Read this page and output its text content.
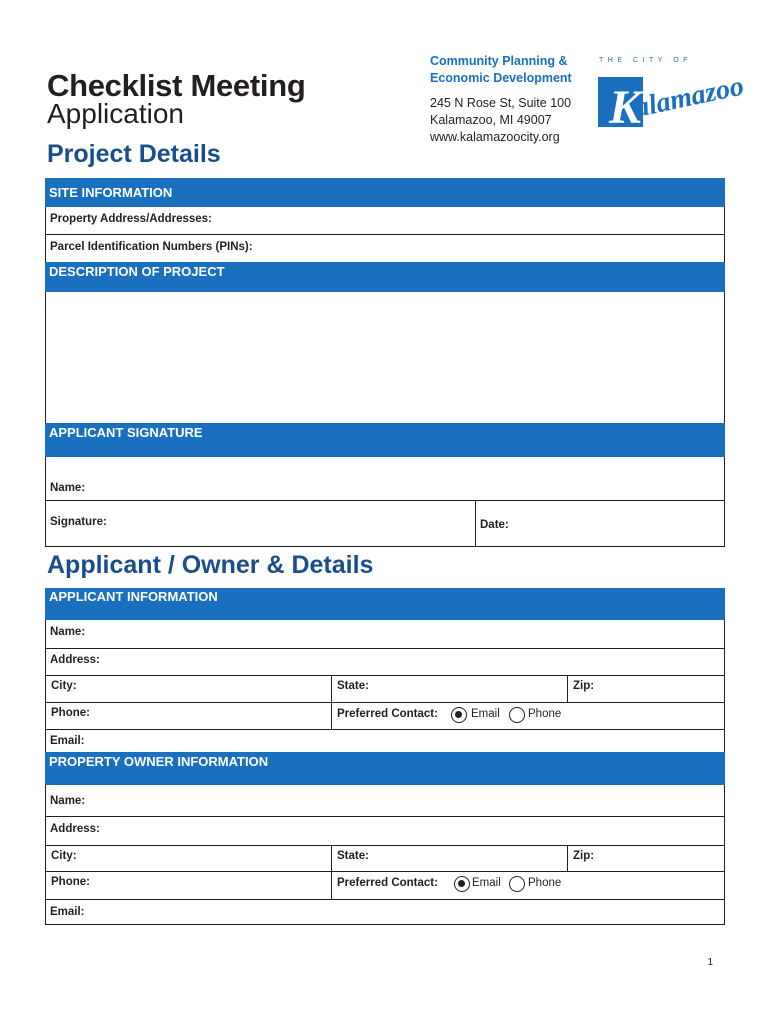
Checklist Meeting
Application
Community Planning &
Economic Development
245 N Rose St, Suite 100
Kalamazoo, MI 49007
www.kalamazoocity.org
THE CITY OF
K
alamazoo
Project Details
SITE INFORMATION
Property Address/Addresses:
Parcel Identification Numbers (PINs):
DESCRIPTION OF PROJECT
APPLICANT SIGNATURE
Name:
Signature:	Date:
Applicant / Owner & Details
APPLICANT INFORMATION
Name:
Address:
City:	State:	Zip:
Phone:	Preferred Contact:	Email Phone
Email:
PROPERTY OWNER INFORMATION
Name:
Address:
City:	State:	Zip:
Phone:	Preferred Contact:	Email Phone
Email:
1
